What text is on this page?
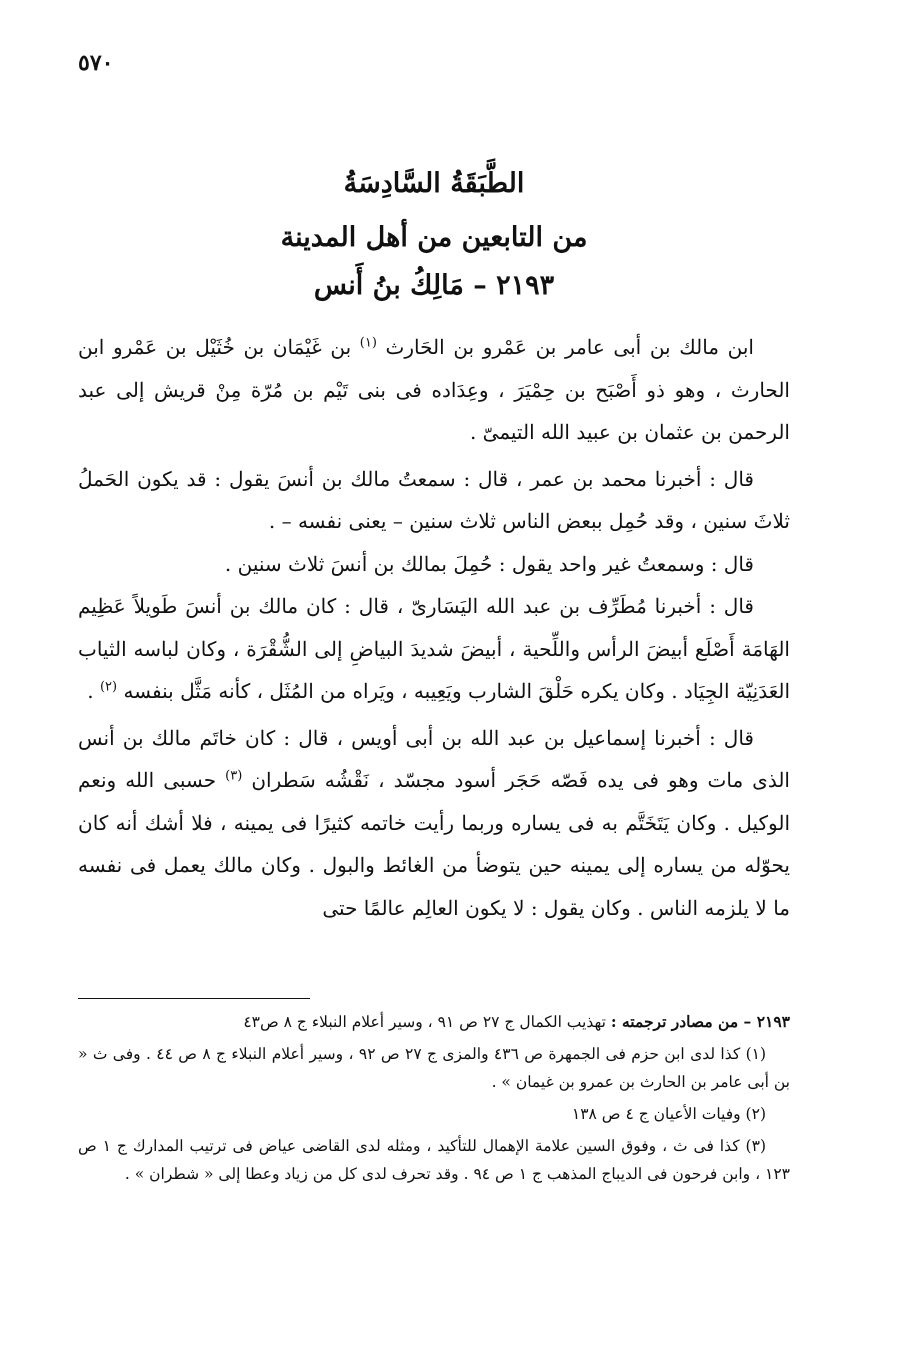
٥٧٠
الطَّبَقَةُ السَّادِسَةُ
من التابعين من أهل المدينة
٢١٩٣ – مَالِكُ بنُ أَنس

ابن مالك بن أبى عامر بن عَمْرو بن الحَارث $^{(١)}$ بن غَيْمَان بن خُثَيْل بن عَمْرو ابن الحارث ، وهو ذو أَصْبَح بن حِمْيَرَ ، وعِدَاده فى بنى تَيْم بن مُرّة مِنْ قريش إلى عبد الرحمن بن عثمان بن عبيد الله التيمىّ .

قال : أخبرنا محمد بن عمر ، قال : سمعتُ مالك بن أنسَ يقول : قد يكون الحَملُ ثلاثَ سنين ، وقد حُمِل ببعض الناس ثلاث سنين – يعنى نفسه – .

قال : وسمعتُ غير واحد يقول : حُمِلَ بمالك بن أنسَ ثلاث سنين .

قال : أخبرنا مُطَرِّف بن عبد الله اليَسَارىّ ، قال : كان مالك بن أنسَ طَويلاً عَظِيم الهَامَة أَصْلَع أبيضَ الرأس واللِّحية ، أبيضَ شديدَ البياضِ إلى الشُّقْرَة ، وكان لباسه الثياب العَدَنِيّة الجِيَاد . وكان يكره حَلْقَ الشارب ويَعِيبه ، ويَراه من المُثَل ، كأنه مَثَّل بنفسه $^{(٢)}$ .

قال : أخبرنا إسماعيل بن عبد الله بن أبى أويس ، قال : كان خاتَم مالك بن أنس الذى مات وهو فى يده فَصّه حَجَر أسود مجسّد ، نَقْشُه سَطران $^{(٣)}$ حسبى الله ونعم الوكيل . وكان يَتَخَتَّم به فى يساره وربما رأيت خاتمه كثيرًا فى يمينه ، فلا أشك أنه كان يحوّله من يساره إلى يمينه حين يتوضأ من الغائط والبول . وكان مالك يعمل فى نفسه ما لا يلزمه الناس . وكان يقول : لا يكون العالِم عالمًا حتى

٢١٩٣ – من مصادر ترجمته : تهذيب الكمال ج ٢٧ ص ٩١ ، وسير أعلام النبلاء ج ٨ ص٤٣

(١) كذا لدى ابن حزم فى الجمهرة ص ٤٣٦ والمزى ج ٢٧ ص ٩٢ ، وسير أعلام النبلاء ج ٨ ص ٤٤ . وفى ث « بن أبى عامر بن الحارث بن عمرو بن غيمان » .

(٢) وفيات الأعيان ج ٤ ص ١٣٨

(٣) كذا فى ث ، وفوق السين علامة الإهمال للتأكيد ، ومثله لدى القاضى عياض فى ترتيب المدارك ج ١ ص ١٢٣ ، وابن فرحون فى الديباج المذهب ج ١ ص ٩٤ . وقد تحرف لدى كل من زياد وعطا إلى « شطران » .
